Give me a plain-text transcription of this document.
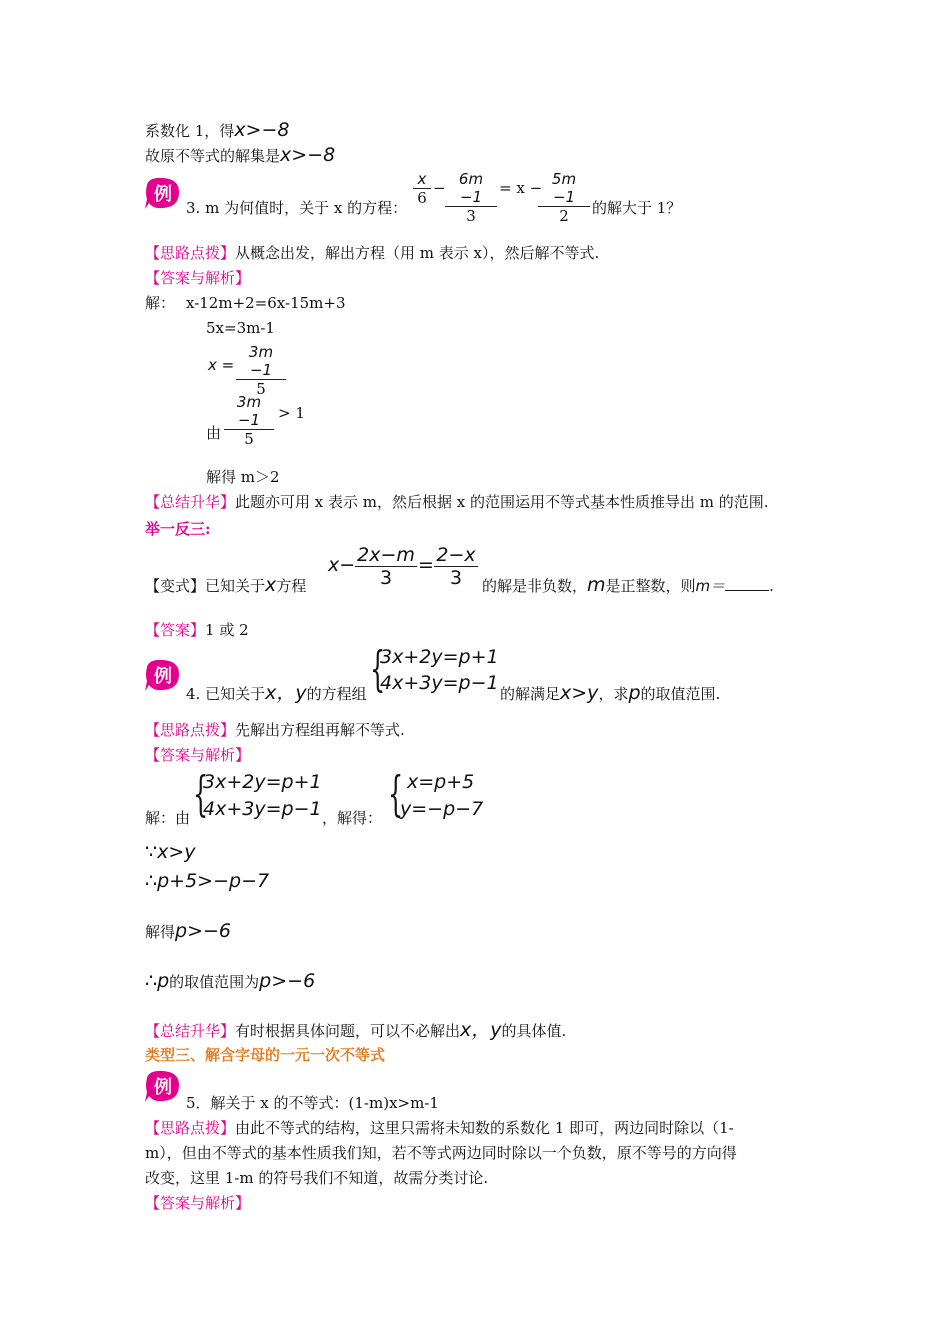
系数化 1，得x>−8
故原不等式的解集是x>−8
例
3. m 为何值时，关于 x 的方程：
$\frac{x}{6} - \frac{6m -1}{3} = x$ −
$\frac{5m -1}{2}$ 的解大于 1？
【思路点拨】从概念出发，解出方程（用 m 表示 x），然后解不等式.
【答案与解析】
解： x-12m+2=6x-15m+3
5x=3m-1
$x = \frac{3m -1}{5}$
$\frac{3m -1}{5} > 1$
由
解得 m＞2
【总结升华】此题亦可用 x 表示 m，然后根据 x 的范围运用不等式基本性质推导出 m 的范围.
举一反三:
【变式】已知关于x方程
$x- \frac{2x-m}{3} = \frac{2-x}{3}$ 的解是非负数，m是正整数，则m＝	.
【答案】1 或 2
例
4. 已知关于x，y的方程组 {
3x+2y=p+1
4x+3y=p−1 的解满足x>y，求p的取值范围.
【思路点拨】先解出方程组再解不等式.
【答案与解析】
解：由 {
3x+2y=p+1
4x+3y=p−1 ，解得： { x=p+5
y=−p−7
∵x>y
∴p+5>−p−7
解得p>−6
∴p的取值范围为p>−6
【总结升华】有时根据具体问题，可以不必解出x，y的具体值.
类型三、解含字母的一元一次不等式
例
5．解关于 x 的不等式：(1-m)x>m-1
【思路点拨】由此不等式的结构，这里只需将未知数的系数化 1 即可，两边同时除以（1-
m），但由不等式的基本性质我们知，若不等式两边同时除以一个负数，原不等号的方向得
改变，这里 1-m 的符号我们不知道，故需分类讨论.
【答案与解析】
